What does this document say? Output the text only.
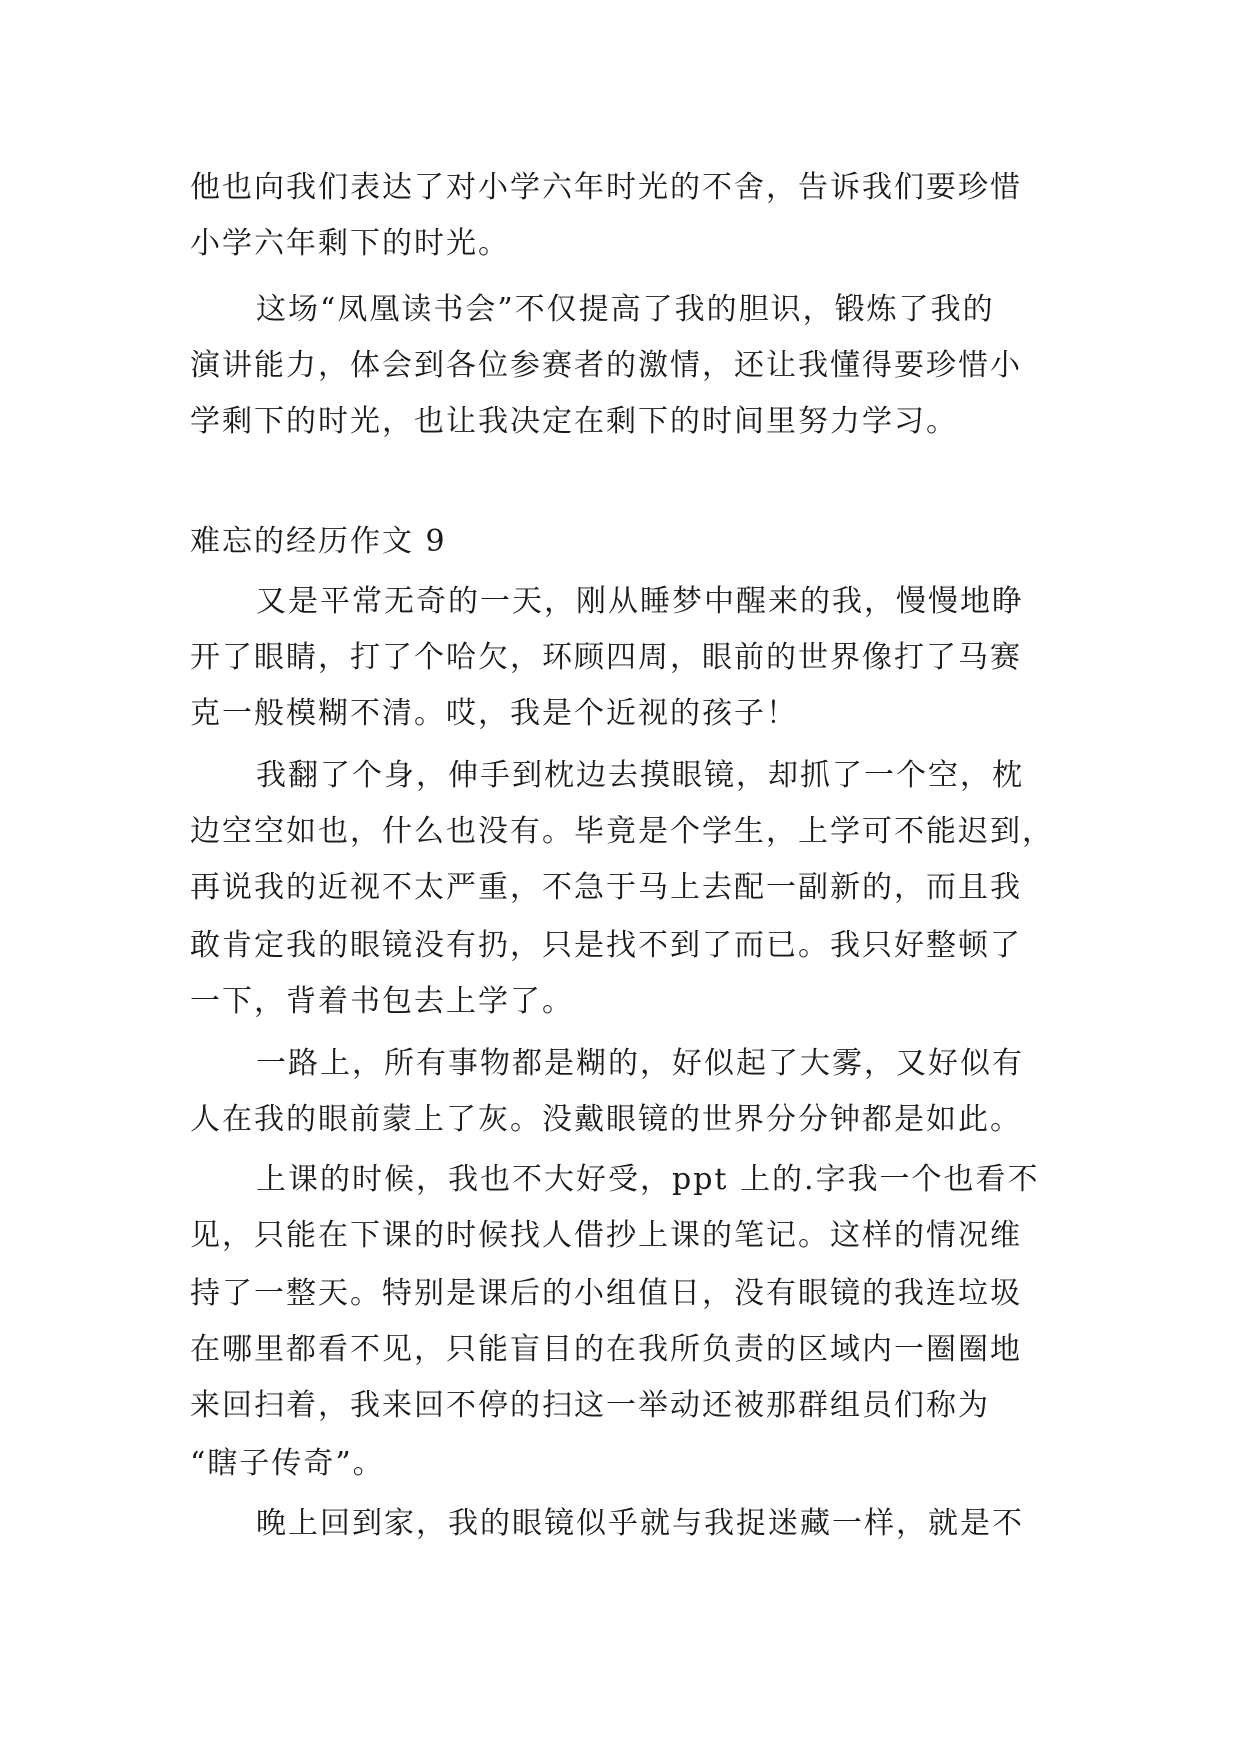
他也向我们表达了对小学六年时光的不舍，告诉我们要珍惜
小学六年剩下的时光。
这场“凤凰读书会”不仅提高了我的胆识，锻炼了我的
演讲能力，体会到各位参赛者的激情，还让我懂得要珍惜小
学剩下的时光，也让我决定在剩下的时间里努力学习。
难忘的经历作文 9
又是平常无奇的一天，刚从睡梦中醒来的我，慢慢地睁
开了眼睛，打了个哈欠，环顾四周，眼前的世界像打了马赛
克一般模糊不清。哎，我是个近视的孩子！
我翻了个身，伸手到枕边去摸眼镜，却抓了一个空，枕
边空空如也，什么也没有。毕竟是个学生，上学可不能迟到，
再说我的近视不太严重，不急于马上去配一副新的，而且我
敢肯定我的眼镜没有扔，只是找不到了而已。我只好整顿了
一下，背着书包去上学了。
一路上，所有事物都是糊的，好似起了大雾，又好似有
人在我的眼前蒙上了灰。没戴眼镜的世界分分钟都是如此。
上课的时候，我也不大好受，ppt 上的.字我一个也看不
见，只能在下课的时候找人借抄上课的笔记。这样的情况维
持了一整天。特别是课后的小组值日，没有眼镜的我连垃圾
在哪里都看不见，只能盲目的在我所负责的区域内一圈圈地
来回扫着，我来回不停的扫这一举动还被那群组员们称为
“瞎子传奇”。
晚上回到家，我的眼镜似乎就与我捉迷藏一样，就是不
